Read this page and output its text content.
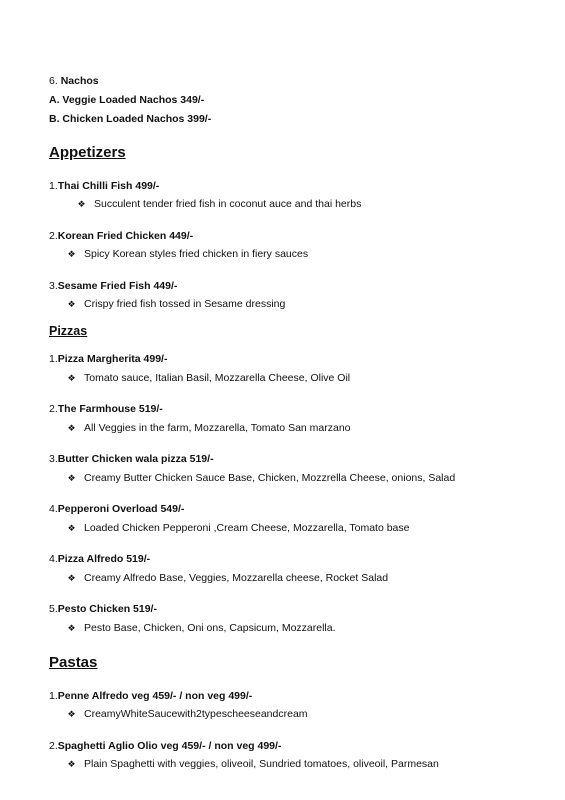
6. Nachos
A. Veggie Loaded Nachos 349/-
B. Chicken Loaded Nachos 399/-
Appetizers
1.Thai Chilli Fish 499/-
❖ Succulent tender fried fish in coconut auce and thai herbs
2.Korean Fried Chicken 449/-
❖ Spicy Korean styles fried chicken in fiery sauces
3.Sesame Fried Fish 449/-
❖ Crispy fried fish tossed in Sesame dressing
Pizzas
1.Pizza Margherita 499/-
❖ Tomato sauce, Italian Basil, Mozzarella Cheese, Olive Oil
2.The Farmhouse 519/-
❖ All Veggies in the farm, Mozzarella, Tomato San marzano
3.Butter Chicken wala pizza 519/-
❖ Creamy Butter Chicken Sauce Base, Chicken, Mozzrella Cheese, onions, Salad
4.Pepperoni Overload 549/-
❖ Loaded Chicken Pepperoni ,Cream Cheese, Mozzarella, Tomato base
4.Pizza Alfredo 519/-
❖ Creamy Alfredo Base, Veggies, Mozzarella cheese, Rocket Salad
5.Pesto Chicken 519/-
❖ Pesto Base, Chicken, Oni ons, Capsicum, Mozzarella.
Pastas
1.Penne Alfredo veg 459/- / non veg 499/-
❖ CreamyWhiteSaucewith2typescheeseandcream
2.Spaghetti Aglio Olio veg 459/- / non veg 499/-
❖ Plain Spaghetti with veggies, oliveoil, Sundried tomatoes, oliveoil, Parmesan
